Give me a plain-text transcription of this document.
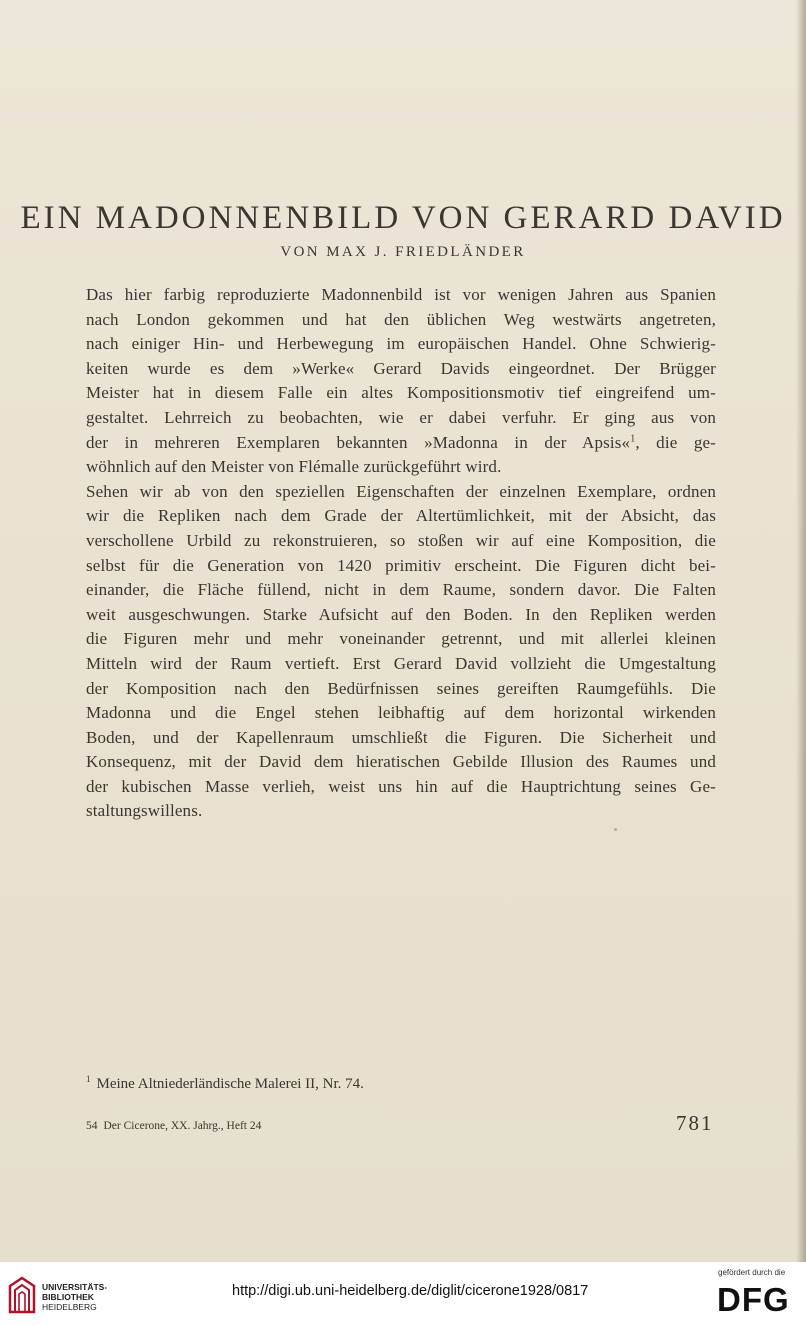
EIN MADONNENBILD VON GERARD DAVID
VON MAX J. FRIEDLÄNDER
Das hier farbig reproduzierte Madonnenbild ist vor wenigen Jahren aus Spanien
nach London gekommen und hat den üblichen Weg westwärts angetreten,
nach einiger Hin- und Herbewegung im europäischen Handel. Ohne Schwierig-
keiten wurde es dem »Werke« Gerard Davids eingeordnet. Der Brügger
Meister hat in diesem Falle ein altes Kompositionsmotiv tief eingreifend um-
gestaltet. Lehrreich zu beobachten, wie er dabei verfuhr. Er ging aus von
der in mehreren Exemplaren bekannten »Madonna in der Apsis«$^1$, die ge-
wöhnlich auf den Meister von Flémalle zurückgeführt wird.
Sehen wir ab von den speziellen Eigenschaften der einzelnen Exemplare, ordnen
wir die Repliken nach dem Grade der Altertümlichkeit, mit der Absicht, das
verschollene Urbild zu rekonstruieren, so stoßen wir auf eine Komposition, die
selbst für die Generation von 1420 primitiv erscheint. Die Figuren dicht bei-
einander, die Fläche füllend, nicht in dem Raume, sondern davor. Die Falten
weit ausgeschwungen. Starke Aufsicht auf den Boden. In den Repliken werden
die Figuren mehr und mehr voneinander getrennt, und mit allerlei kleinen
Mitteln wird der Raum vertieft. Erst Gerard David vollzieht die Umgestaltung
der Komposition nach den Bedürfnissen seines gereiften Raumgefühls. Die
Madonna und die Engel stehen leibhaftig auf dem horizontal wirkenden
Boden, und der Kapellenraum umschließt die Figuren. Die Sicherheit und
Konsequenz, mit der David dem hieratischen Gebilde Illusion des Raumes und
der kubischen Masse verlieh, weist uns hin auf die Hauptrichtung seines Ge-
staltungswillens.

$^1$ Meine Altniederländische Malerei II, Nr. 74.

54 Der Cicerone, XX. Jahrg., Heft 24	781
UNIVERSITÄTS-
BIBLIOTHEK
HEIDELBERG
http://digi.ub.uni-heidelberg.de/diglit/cicerone1928/0817
gefördert durch die
DFG
